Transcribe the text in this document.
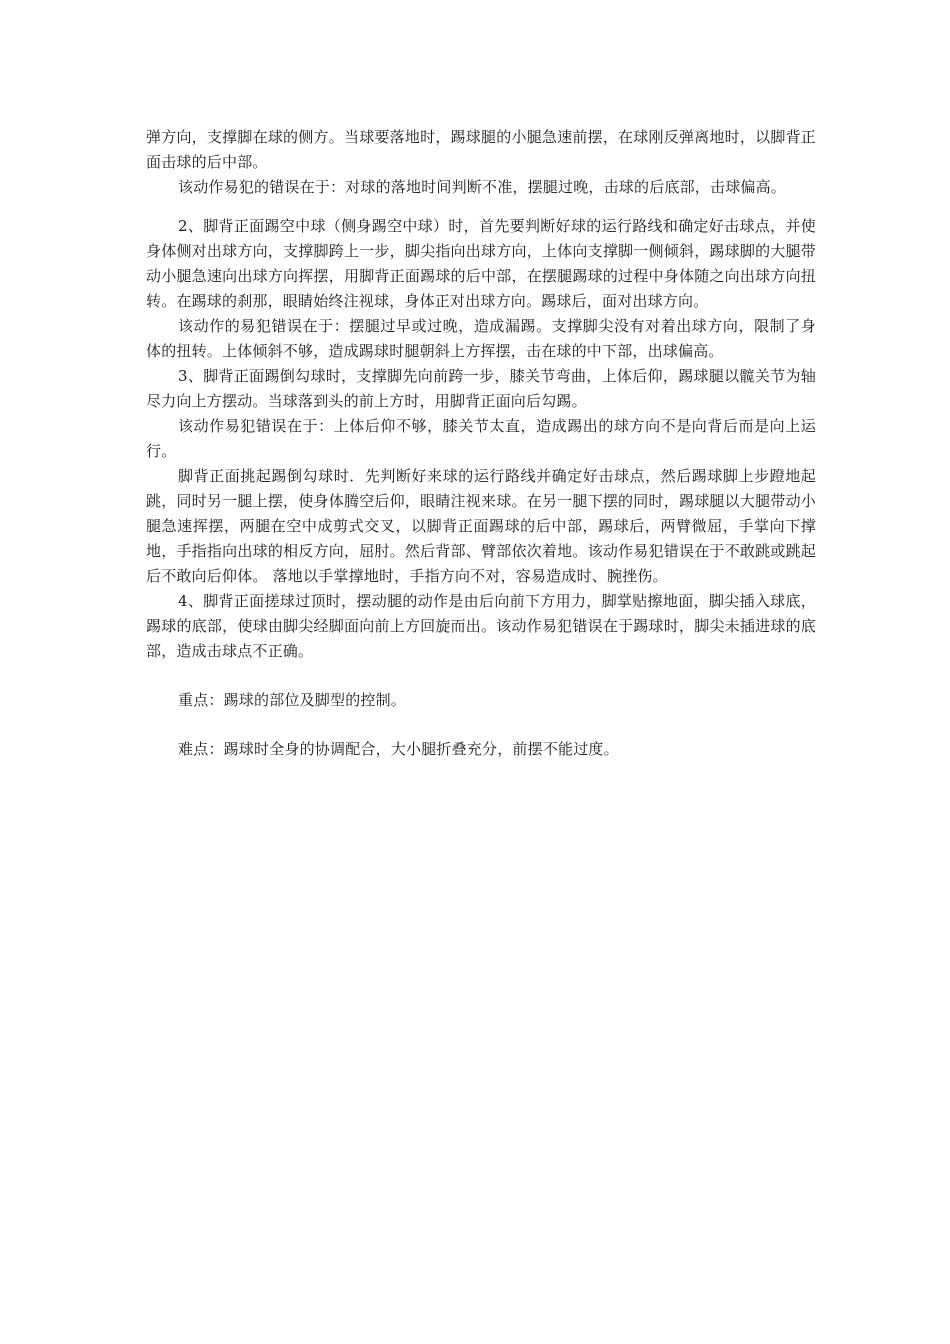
弹方向，支撑脚在球的侧方。当球要落地时，踢球腿的小腿急速前摆，在球刚反弹离地时，以脚背正面击球的后中部。

该动作易犯的错误在于：对球的落地时间判断不准，摆腿过晚，击球的后底部，击球偏高。

2、脚背正面踢空中球（侧身踢空中球）时，首先要判断好球的运行路线和确定好击球点，并使身体侧对出球方向，支撑脚跨上一步，脚尖指向出球方向，上体向支撑脚一侧倾斜，踢球脚的大腿带动小腿急速向出球方向挥摆，用脚背正面踢球的后中部，在摆腿踢球的过程中身体随之向出球方向扭转。在踢球的刹那，眼睛始终注视球，身体正对出球方向。踢球后，面对出球方向。

该动作的易犯错误在于：摆腿过早或过晚，造成漏踢。支撑脚尖没有对着出球方向，限制了身体的扭转。上体倾斜不够，造成踢球时腿朝斜上方挥摆，击在球的中下部，出球偏高。

3、脚背正面踢倒勾球时，支撑脚先向前跨一步，膝关节弯曲，上体后仰，踢球腿以髋关节为轴尽力向上方摆动。当球落到头的前上方时，用脚背正面向后勾踢。

该动作易犯错误在于：上体后仰不够，膝关节太直，造成踢出的球方向不是向背后而是向上运行。

脚背正面挑起踢倒勾球时．先判断好来球的运行路线并确定好击球点，然后踢球脚上步蹬地起跳，同时另一腿上摆，使身体腾空后仰，眼睛注视来球。在另一腿下摆的同时，踢球腿以大腿带动小腿急速挥摆，两腿在空中成剪式交叉，以脚背正面踢球的后中部，踢球后，两臂微屈，手掌向下撑地，手指指向出球的相反方向，屈肘。然后背部、臂部依次着地。该动作易犯错误在于不敢跳或跳起后不敢向后仰体。 落地以手掌撑地时，手指方向不对，容易造成时、腕挫伤。

4、脚背正面搓球过顶时，摆动腿的动作是由后向前下方用力，脚掌贴擦地面，脚尖插入球底，踢球的底部，使球由脚尖经脚面向前上方回旋而出。该动作易犯错误在于踢球时，脚尖未插进球的底部，造成击球点不正确。

重点：踢球的部位及脚型的控制。

难点：踢球时全身的协调配合，大小腿折叠充分，前摆不能过度。
